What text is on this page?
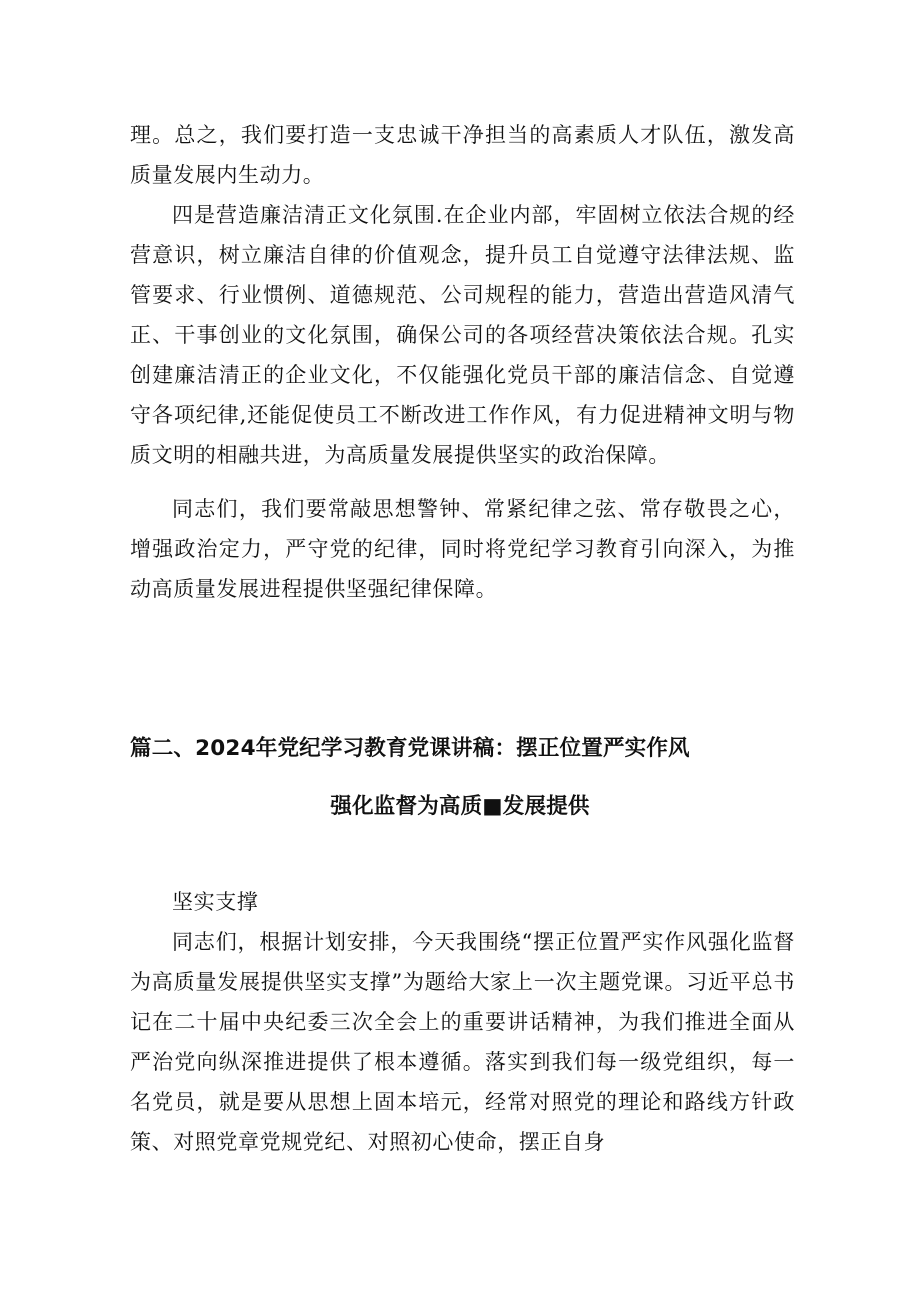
理。总之，我们要打造一支忠诚干净担当的高素质人才队伍，激发高质量发展内生动力。

四是营造廉洁清正文化氛围.在企业内部，牢固树立依法合规的经营意识，树立廉洁自律的价值观念，提升员工自觉遵守法律法规、监管要求、行业惯例、道德规范、公司规程的能力，营造出营造风清气正、干事创业的文化氛围，确保公司的各项经营决策依法合规。孔实创建廉洁清正的企业文化，不仅能强化党员干部的廉洁信念、自觉遵守各项纪律,还能促使员工不断改进工作作风，有力促进精神文明与物质文明的相融共进，为高质量发展提供坚实的政治保障。

同志们，我们要常敲思想警钟、常紧纪律之弦、常存敬畏之心，增强政治定力，严守党的纪律，同时将党纪学习教育引向深入，为推动高质量发展进程提供坚强纪律保障。

篇二、2024年党纪学习教育党课讲稿：摆正位置严实作风
强化监督为高质■发展提供

坚实支撑

同志们，根据计划安排，今天我围绕“摆正位置严实作风强化监督为高质量发展提供坚实支撑”为题给大家上一次主题党课。习近平总书记在二十届中央纪委三次全会上的重要讲话精神，为我们推进全面从严治党向纵深推进提供了根本遵循。落实到我们每一级党组织，每一名党员，就是要从思想上固本培元，经常对照党的理论和路线方针政策、对照党章党规党纪、对照初心使命，摆正自身
